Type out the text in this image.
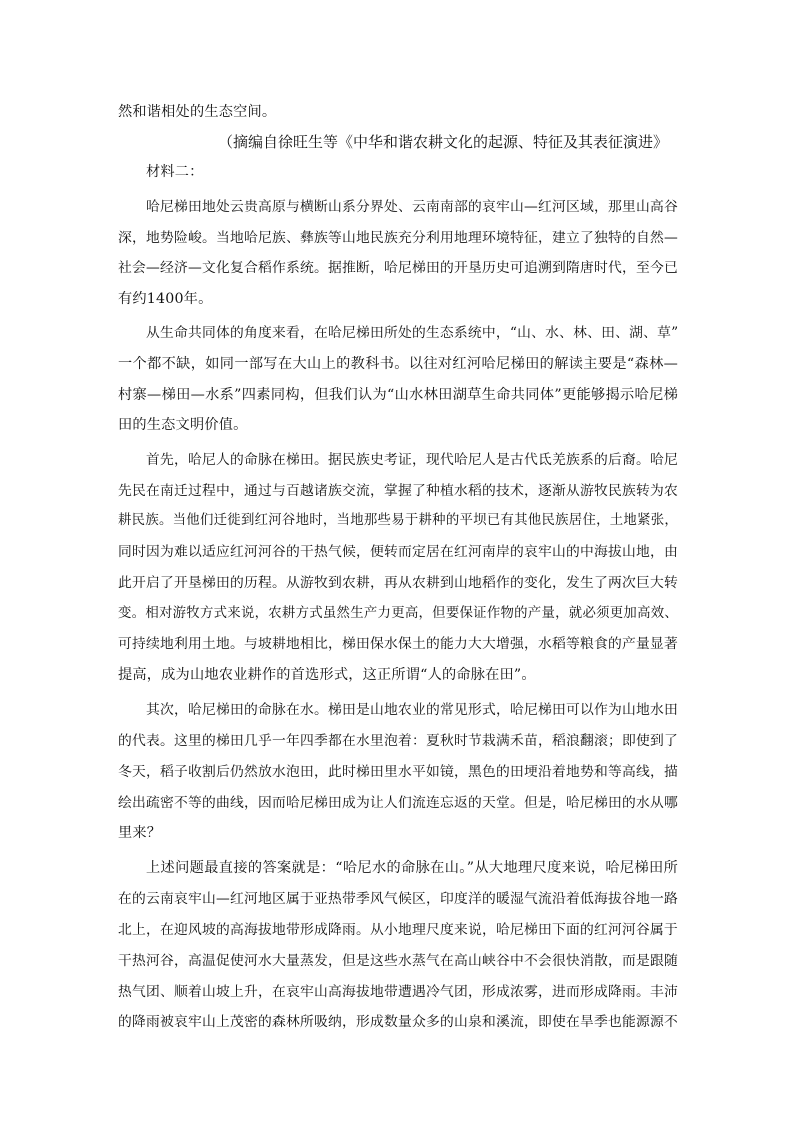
然和谐相处的生态空间。
（摘编自徐旺生等《中华和谐农耕文化的起源、特征及其表征演进》
材料二：
哈尼梯田地处云贵高原与横断山系分界处、云南南部的哀牢山—红河区域，那里山高谷
深，地势险峻。当地哈尼族、彝族等山地民族充分利用地理环境特征，建立了独特的自然—
社会—经济—文化复合稻作系统。据推断，哈尼梯田的开垦历史可追溯到隋唐时代，至今已
有约1400年。
从生命共同体的角度来看，在哈尼梯田所处的生态系统中，“山、水、林、田、湖、草”
一个都不缺，如同一部写在大山上的教科书。以往对红河哈尼梯田的解读主要是“森林—
村寨—梯田—水系”四素同构，但我们认为“山水林田湖草生命共同体”更能够揭示哈尼梯
田的生态文明价值。
首先，哈尼人的命脉在梯田。据民族史考证，现代哈尼人是古代氐羌族系的后裔。哈尼
先民在南迁过程中，通过与百越诸族交流，掌握了种植水稻的技术，逐渐从游牧民族转为农
耕民族。当他们迁徙到红河谷地时，当地那些易于耕种的平坝已有其他民族居住，土地紧张，
同时因为难以适应红河河谷的干热气候，便转而定居在红河南岸的哀牢山的中海拔山地，由
此开启了开垦梯田的历程。从游牧到农耕，再从农耕到山地稻作的变化，发生了两次巨大转
变。相对游牧方式来说，农耕方式虽然生产力更高，但要保证作物的产量，就必须更加高效、
可持续地利用土地。与坡耕地相比，梯田保水保土的能力大大增强，水稻等粮食的产量显著
提高，成为山地农业耕作的首选形式，这正所谓“人的命脉在田”。
其次，哈尼梯田的命脉在水。梯田是山地农业的常见形式，哈尼梯田可以作为山地水田
的代表。这里的梯田几乎一年四季都在水里泡着：夏秋时节栽满禾苗，稻浪翻滚；即使到了
冬天，稻子收割后仍然放水泡田，此时梯田里水平如镜，黑色的田埂沿着地势和等高线，描
绘出疏密不等的曲线，因而哈尼梯田成为让人们流连忘返的天堂。但是，哈尼梯田的水从哪
里来？
上述问题最直接的答案就是：“哈尼水的命脉在山。”从大地理尺度来说，哈尼梯田所
在的云南哀牢山—红河地区属于亚热带季风气候区，印度洋的暖湿气流沿着低海拔谷地一路
北上，在迎风坡的高海拔地带形成降雨。从小地理尺度来说，哈尼梯田下面的红河河谷属于
干热河谷，高温促使河水大量蒸发，但是这些水蒸气在高山峡谷中不会很快消散，而是跟随
热气团、顺着山坡上升，在哀牢山高海拔地带遭遇冷气团，形成浓雾，进而形成降雨。丰沛
的降雨被哀牢山上茂密的森林所吸纳，形成数量众多的山泉和溪流，即使在旱季也能源源不
